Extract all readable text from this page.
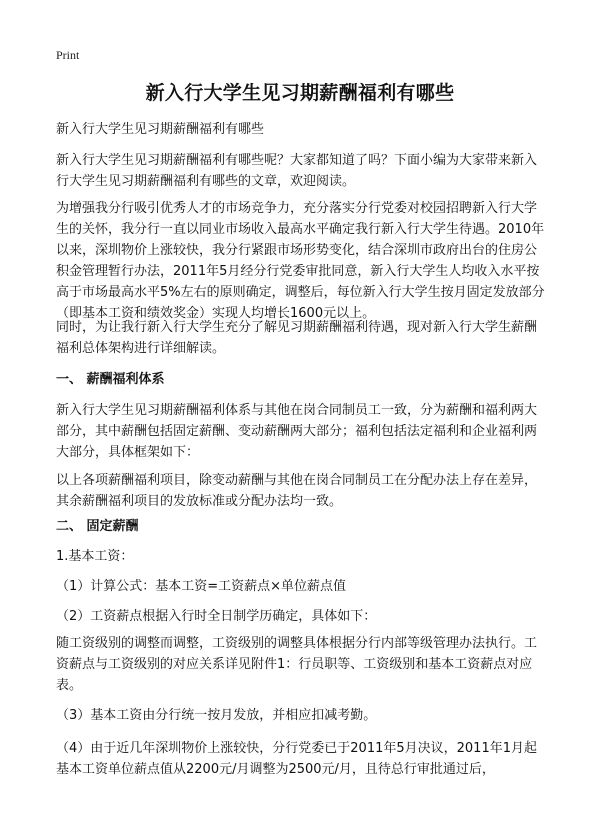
Print
新入行大学生见习期薪酬福利有哪些

新入行大学生见习期薪酬福利有哪些

新入行大学生见习期薪酬福利有哪些呢？大家都知道了吗？下面小编为大家带来新入行大学生见习期薪酬福利有哪些的文章，欢迎阅读。

为增强我分行吸引优秀人才的市场竞争力，充分落实分行党委对校园招聘新入行大学生的关怀，我分行一直以同业市场收入最高水平确定我行新入行大学生待遇。2010年以来，深圳物价上涨较快，我分行紧跟市场形势变化，结合深圳市政府出台的住房公积金管理暂行办法，2011年5月经分行党委审批同意，新入行大学生人均收入水平按高于市场最高水平5%左右的原则确定，调整后，每位新入行大学生按月固定发放部分（即基本工资和绩效奖金）实现人均增长1600元以上。

同时，为让我行新入行大学生充分了解见习期薪酬福利待遇，现对新入行大学生薪酬福利总体架构进行详细解读。

一、 薪酬福利体系

新入行大学生见习期薪酬福利体系与其他在岗合同制员工一致，分为薪酬和福利两大部分，其中薪酬包括固定薪酬、变动薪酬两大部分；福利包括法定福利和企业福利两大部分，具体框架如下：

以上各项薪酬福利项目，除变动薪酬与其他在岗合同制员工在分配办法上存在差异，其余薪酬福利项目的发放标准或分配办法均一致。

二、 固定薪酬

1.基本工资：

（1）计算公式：基本工资=工资薪点×单位薪点值

（2）工资薪点根据入行时全日制学历确定，具体如下：

随工资级别的调整而调整，工资级别的调整具体根据分行内部等级管理办法执行。工资薪点与工资级别的对应关系详见附件1：行员职等、工资级别和基本工资薪点对应表。

（3）基本工资由分行统一按月发放，并相应扣减考勤。

（4）由于近几年深圳物价上涨较快，分行党委已于2011年5月决议，2011年1月起基本工资单位薪点值从2200元/月调整为2500元/月，且待总行审批通过后，
